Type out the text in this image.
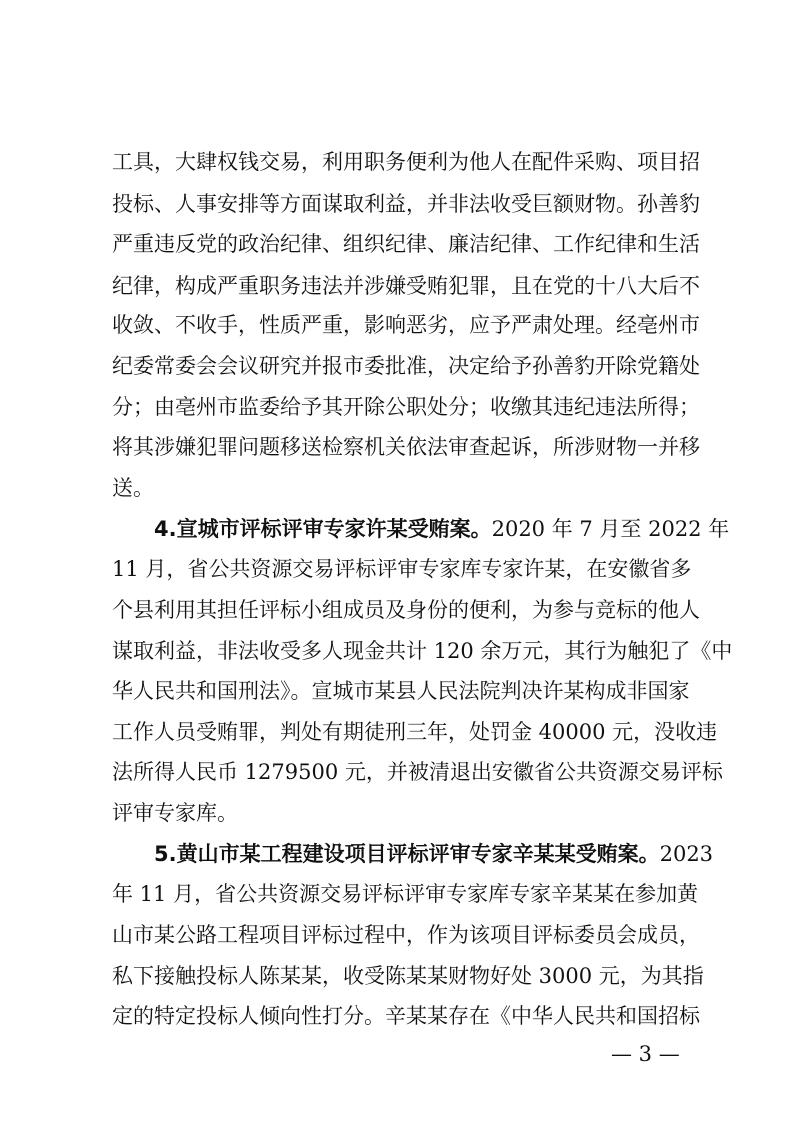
工具，大肆权钱交易，利用职务便利为他人在配件采购、项目招
投标、人事安排等方面谋取利益，并非法收受巨额财物。孙善豹
严重违反党的政治纪律、组织纪律、廉洁纪律、工作纪律和生活
纪律，构成严重职务违法并涉嫌受贿犯罪，且在党的十八大后不
收敛、不收手，性质严重，影响恶劣，应予严肃处理。经亳州市
纪委常委会会议研究并报市委批准，决定给予孙善豹开除党籍处
分；由亳州市监委给予其开除公职处分；收缴其违纪违法所得；
将其涉嫌犯罪问题移送检察机关依法审查起诉，所涉财物一并移
送。
4.宣城市评标评审专家许某受贿案。2020 年 7 月至 2022 年
11 月，省公共资源交易评标评审专家库专家许某，在安徽省多
个县利用其担任评标小组成员及身份的便利，为参与竞标的他人
谋取利益，非法收受多人现金共计 120 余万元，其行为触犯了《中
华人民共和国刑法》。宣城市某县人民法院判决许某构成非国家
工作人员受贿罪，判处有期徒刑三年，处罚金 40000 元，没收违
法所得人民币 1279500 元，并被清退出安徽省公共资源交易评标
评审专家库。
5.黄山市某工程建设项目评标评审专家辛某某受贿案。2023
年 11 月，省公共资源交易评标评审专家库专家辛某某在参加黄
山市某公路工程项目评标过程中，作为该项目评标委员会成员，
私下接触投标人陈某某，收受陈某某财物好处 3000 元，为其指
定的特定投标人倾向性打分。辛某某存在《中华人民共和国招标
— 3 —
